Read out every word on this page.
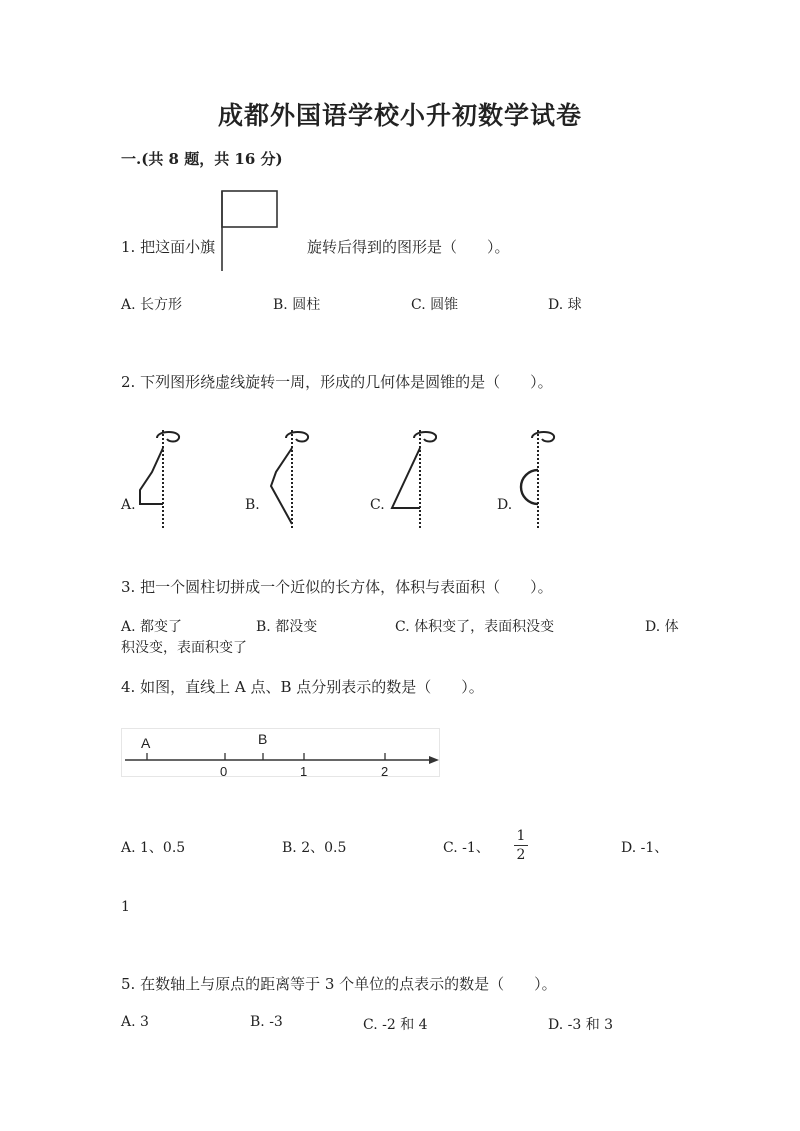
成都外国语学校小升初数学试卷
一.(共 8 题，共 16 分)
1. 把这面小旗	旋转后得到的图形是（　　）。
A. 长方形	B. 圆柱	C. 圆锥	D. 球
2. 下列图形绕虚线旋转一周，形成的几何体是圆锥的是（　　）。
A.	B.	C.	D.
3. 把一个圆柱切拼成一个近似的长方体，体积与表面积（　　）。
A. 都变了	B. 都没变	C. 体积变了，表面积没变	D. 体
积没变，表面积变了
4. 如图，直线上 A 点、B 点分别表示的数是（　　）。
A	B
0	1	2
A. 1、0.5	B. 2、0.5	C. -1、
1
2	D. -1、
1
5. 在数轴上与原点的距离等于 3 个单位的点表示的数是（　　）。
A. 3	B. -3	C. -2 和 4	D. -3 和 3
